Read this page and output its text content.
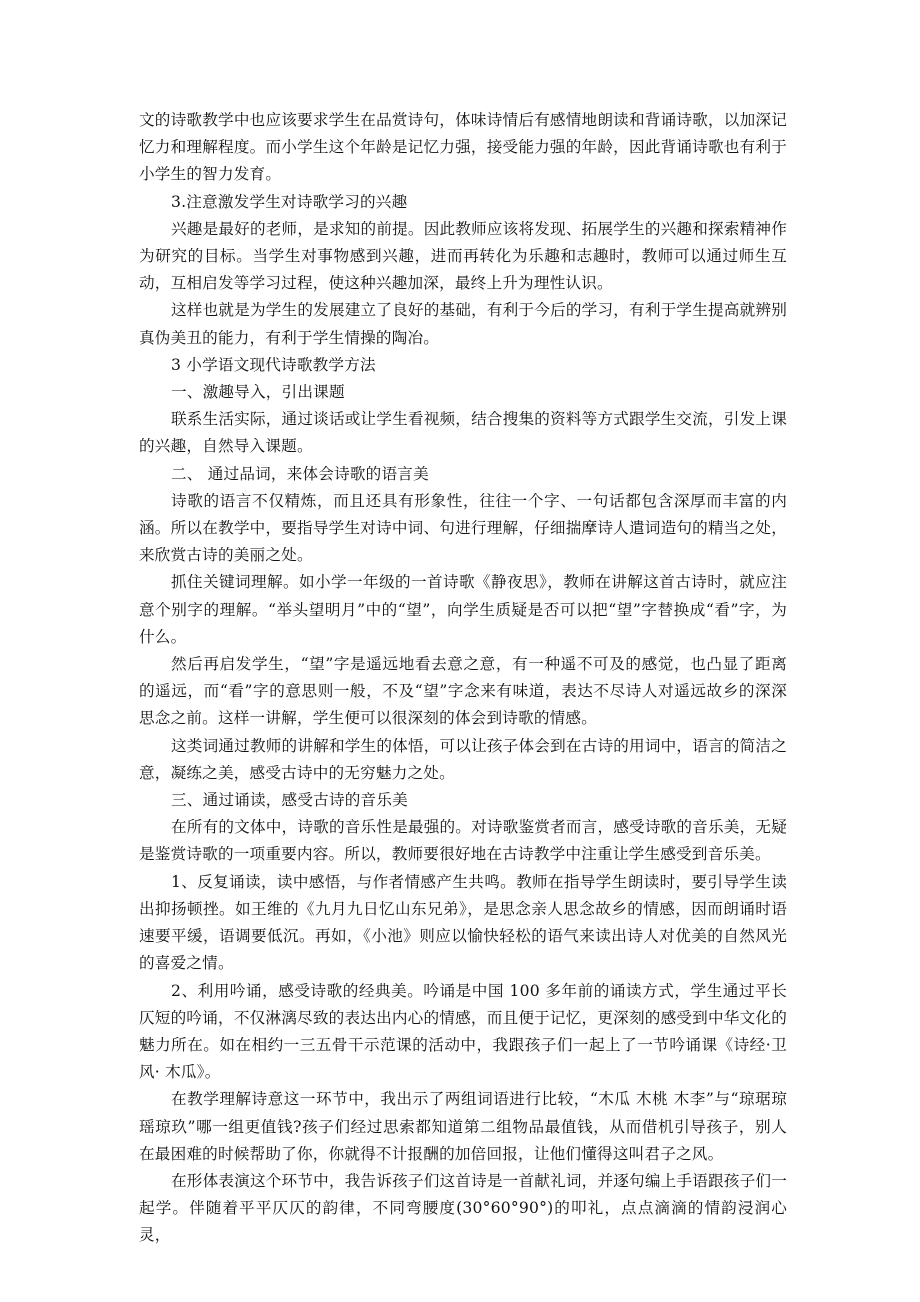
文的诗歌教学中也应该要求学生在品赏诗句，体味诗情后有感情地朗读和背诵诗歌，以加深记忆力和理解程度。而小学生这个年龄是记忆力强，接受能力强的年龄，因此背诵诗歌也有利于小学生的智力发育。

3.注意激发学生对诗歌学习的兴趣

兴趣是最好的老师，是求知的前提。因此教师应该将发现、拓展学生的兴趣和探索精神作为研究的目标。当学生对事物感到兴趣，进而再转化为乐趣和志趣时，教师可以通过师生互动，互相启发等学习过程，使这种兴趣加深，最终上升为理性认识。

这样也就是为学生的发展建立了良好的基础，有利于今后的学习，有利于学生提高就辨别真伪美丑的能力，有利于学生情操的陶冶。

3 小学语文现代诗歌教学方法

一、激趣导入，引出课题

联系生活实际，通过谈话或让学生看视频，结合搜集的资料等方式跟学生交流，引发上课的兴趣，自然导入课题。

二、 通过品词，来体会诗歌的语言美

诗歌的语言不仅精炼，而且还具有形象性，往往一个字、一句话都包含深厚而丰富的内涵。所以在教学中，要指导学生对诗中词、句进行理解，仔细揣摩诗人遣词造句的精当之处，来欣赏古诗的美丽之处。

抓住关键词理解。如小学一年级的一首诗歌《静夜思》，教师在讲解这首古诗时，就应注意个别字的理解。“举头望明月”中的“望”，向学生质疑是否可以把“望”字替换成“看”字，为什么。

然后再启发学生，“望”字是遥远地看去意之意，有一种遥不可及的感觉，也凸显了距离的遥远，而“看”字的意思则一般，不及“望”字念来有味道，表达不尽诗人对遥远故乡的深深思念之前。这样一讲解，学生便可以很深刻的体会到诗歌的情感。

这类词通过教师的讲解和学生的体悟，可以让孩子体会到在古诗的用词中，语言的简洁之意，凝练之美，感受古诗中的无穷魅力之处。

三、通过诵读，感受古诗的音乐美

在所有的文体中，诗歌的音乐性是最强的。对诗歌鉴赏者而言，感受诗歌的音乐美，无疑是鉴赏诗歌的一项重要内容。所以，教师要很好地在古诗教学中注重让学生感受到音乐美。

1、反复诵读，读中感悟，与作者情感产生共鸣。教师在指导学生朗读时，要引导学生读出抑扬顿挫。如王维的《九月九日忆山东兄弟》，是思念亲人思念故乡的情感，因而朗诵时语速要平缓，语调要低沉。再如，《小池》则应以愉快轻松的语气来读出诗人对优美的自然风光的喜爱之情。

2、利用吟诵，感受诗歌的经典美。吟诵是中国 100 多年前的诵读方式，学生通过平长仄短的吟诵，不仅淋漓尽致的表达出内心的情感，而且便于记忆，更深刻的感受到中华文化的魅力所在。如在相约一三五骨干示范课的活动中，我跟孩子们一起上了一节吟诵课《诗经·卫风· 木瓜》。

在教学理解诗意这一环节中，我出示了两组词语进行比较，“木瓜 木桃 木李”与“琼琚琼瑶琼玖”哪一组更值钱?孩子们经过思索都知道第二组物品最值钱，从而借机引导孩子，别人在最困难的时候帮助了你，你就得不计报酬的加倍回报，让他们懂得这叫君子之风。

在形体表演这个环节中，我告诉孩子们这首诗是一首献礼词，并逐句编上手语跟孩子们一起学。伴随着平平仄仄的韵律，不同弯腰度(30°60°90°)的叩礼，点点滴滴的情韵浸润心灵，
